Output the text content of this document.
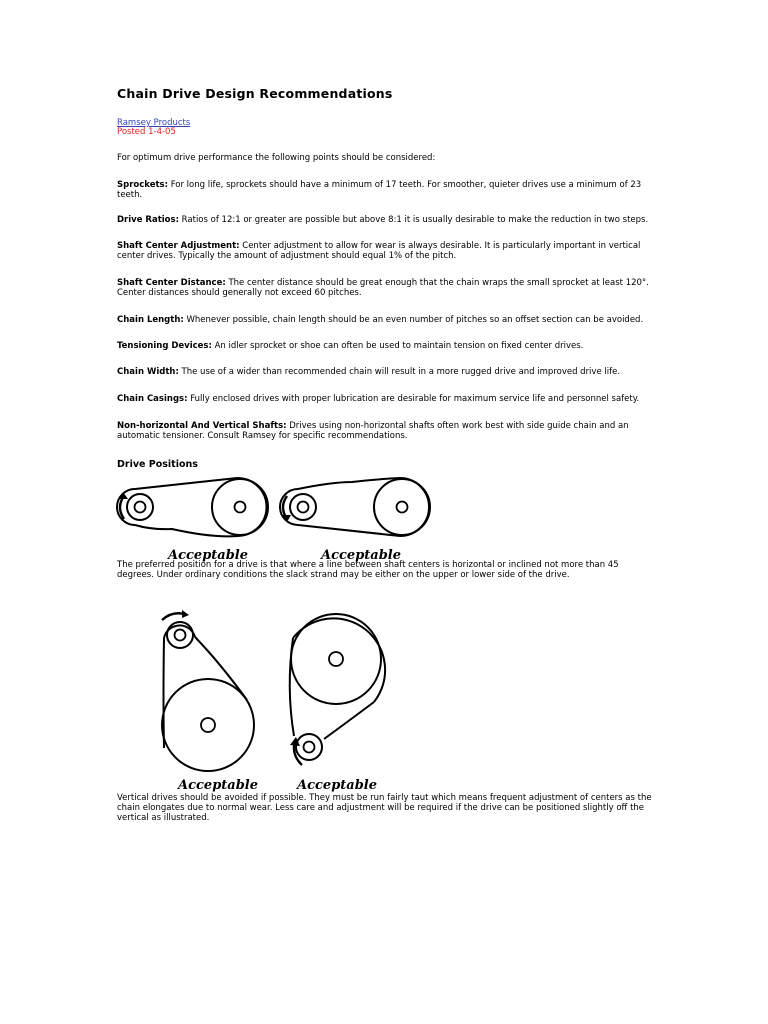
Chain Drive Design Recommendations
Ramsey Products
Posted 1-4-05

For optimum drive performance the following points should be considered:

Sprockets: For long life, sprockets should have a minimum of 17 teeth. For smoother, quieter drives use a minimum of 23 teeth.

Drive Ratios: Ratios of 12:1 or greater are possible but above 8:1 it is usually desirable to make the reduction in two steps.

Shaft Center Adjustment: Center adjustment to allow for wear is always desirable. It is particularly important in vertical center drives. Typically the amount of adjustment should equal 1% of the pitch.

Shaft Center Distance: The center distance should be great enough that the chain wraps the small sprocket at least 120°. Center distances should generally not exceed 60 pitches.

Chain Length: Whenever possible, chain length should be an even number of pitches so an offset section can be avoided.

Tensioning Devices: An idler sprocket or shoe can often be used to maintain tension on fixed center drives.

Chain Width: The use of a wider than recommended chain will result in a more rugged drive and improved drive life.

Chain Casings: Fully enclosed drives with proper lubrication are desirable for maximum service life and personnel safety.

Non-horizontal And Vertical Shafts: Drives using non-horizontal shafts often work best with side guide chain and an automatic tensioner. Consult Ramsey for specific recommendations.

Drive Positions
Acceptable	Acceptable

The preferred position for a drive is that where a line between shaft centers is horizontal or inclined not more than 45 degrees. Under ordinary conditions the slack strand may be either on the upper or lower side of the drive.

Acceptable	Acceptable

Vertical drives should be avoided if possible. They must be run fairly taut which means frequent adjustment of centers as the chain elongates due to normal wear. Less care and adjustment will be required if the drive can be positioned slightly off the vertical as illustrated.
